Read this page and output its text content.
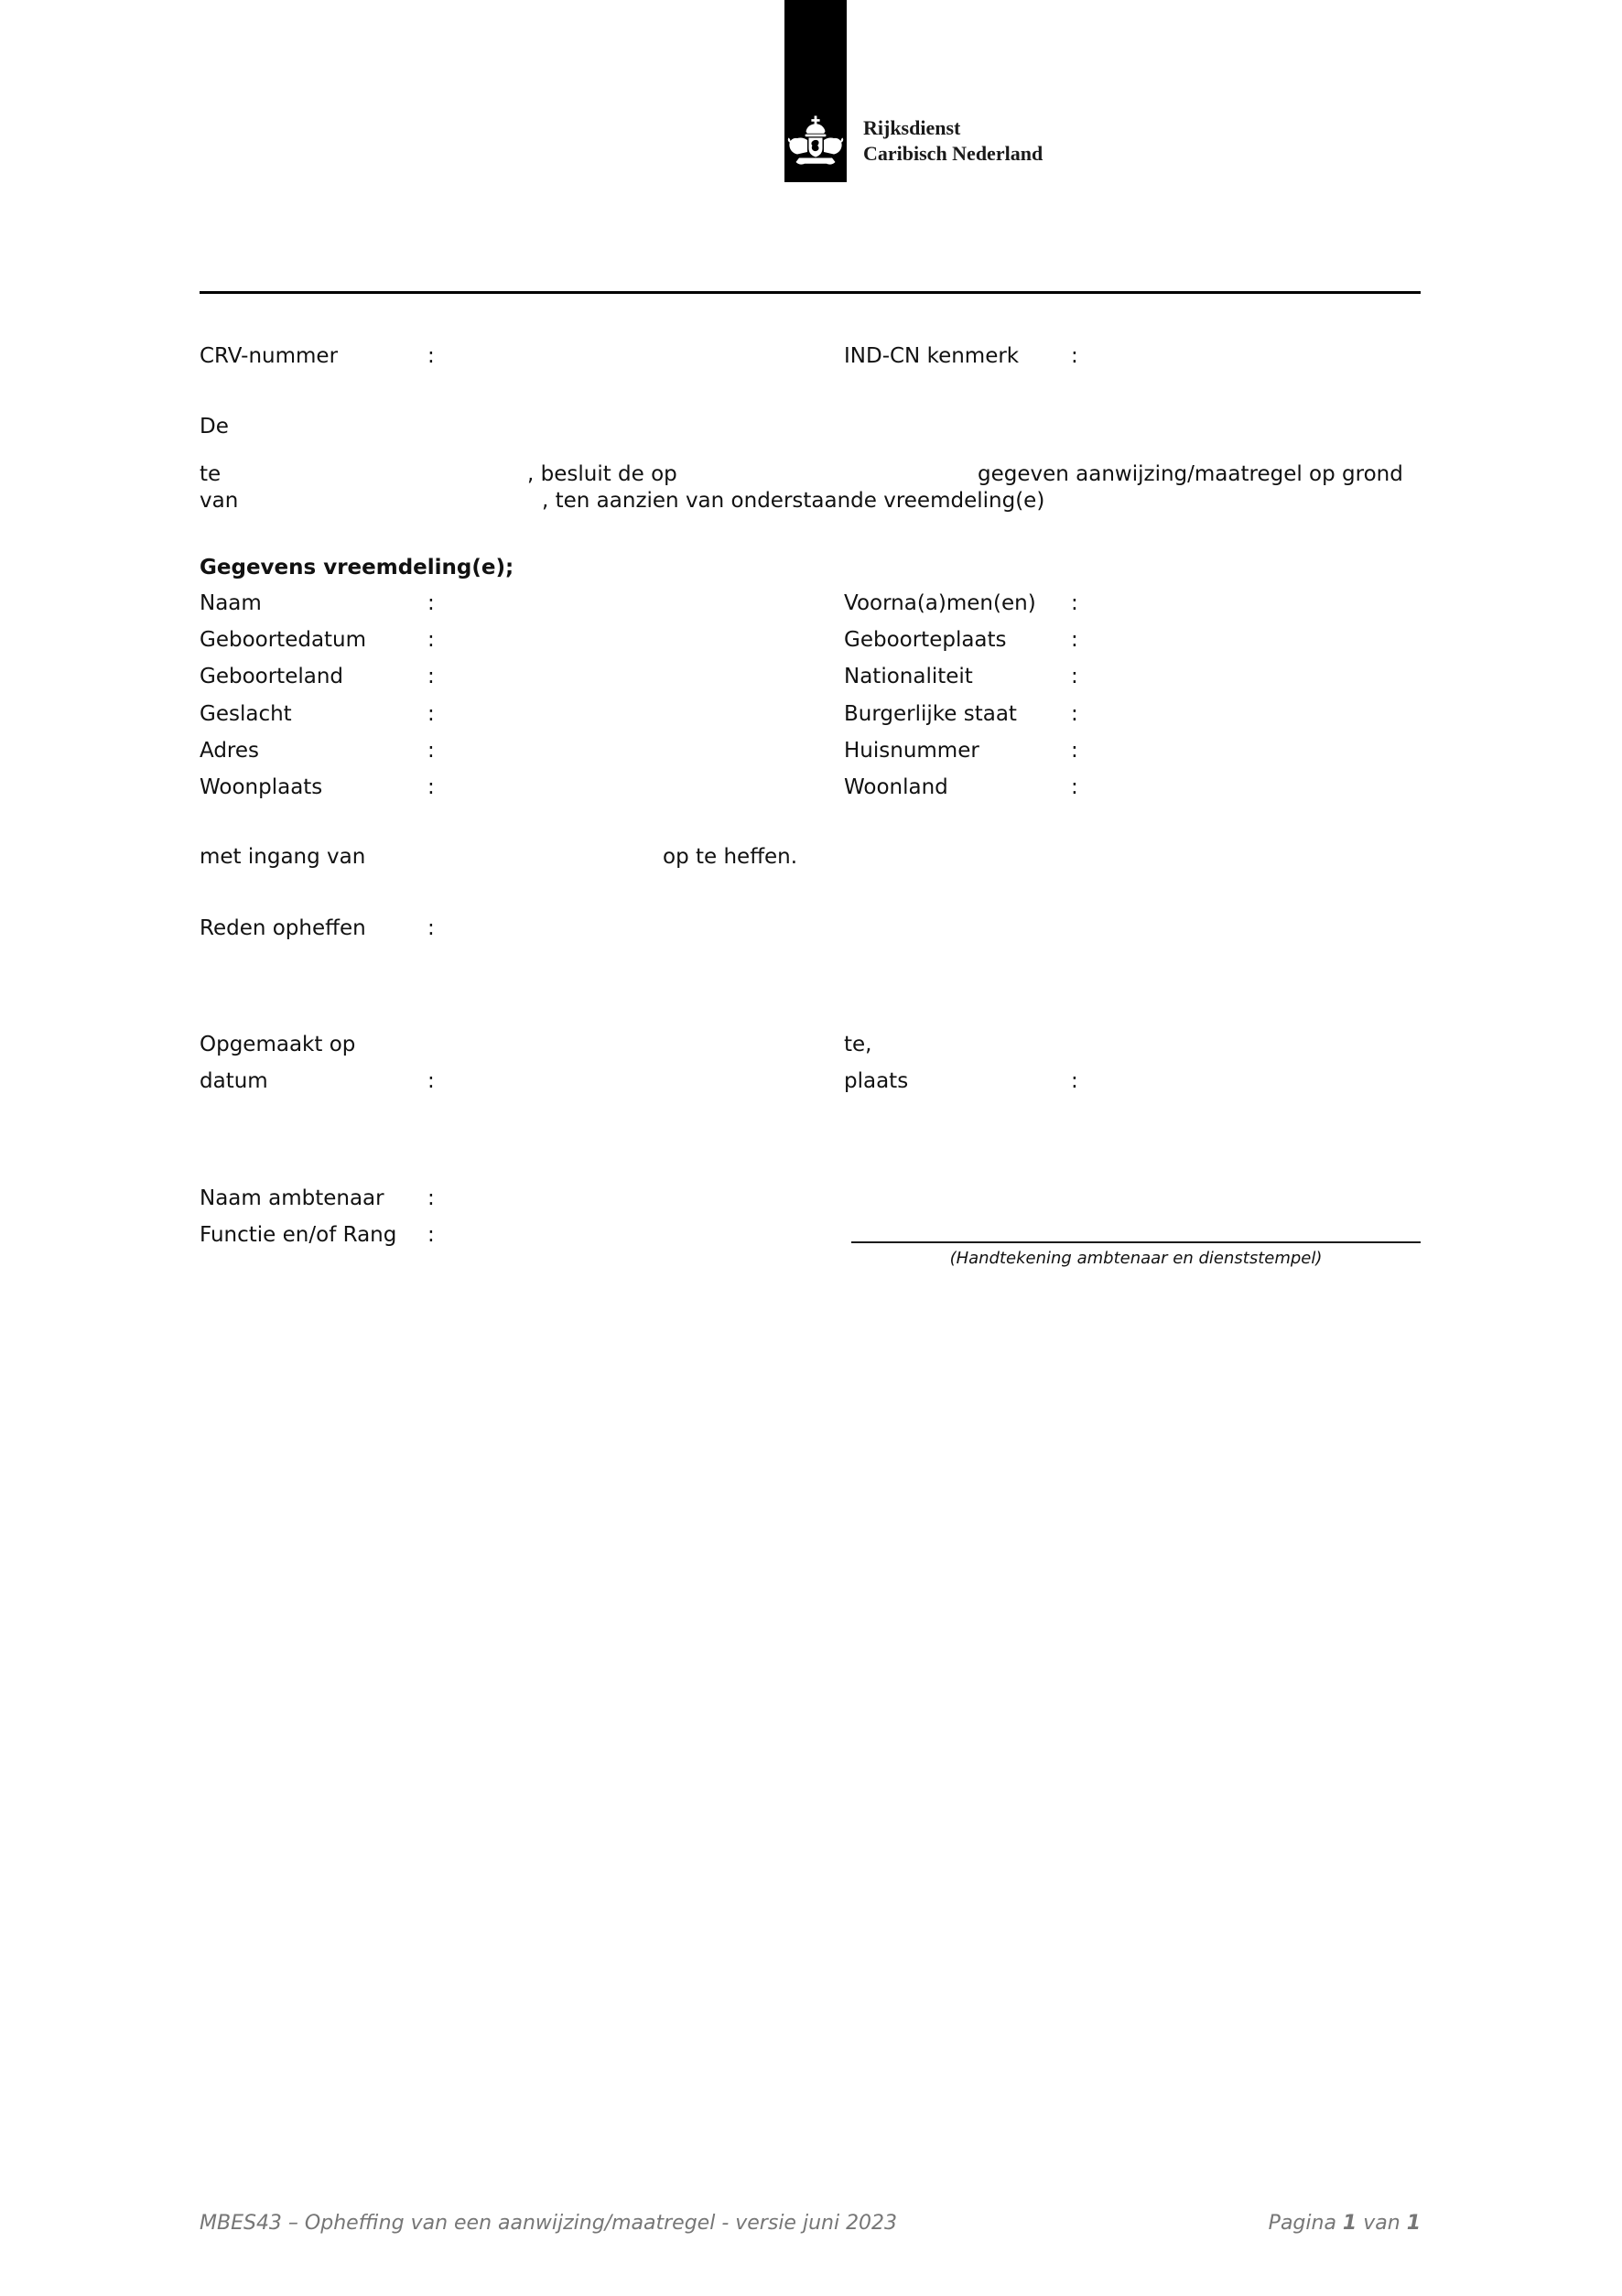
Rijksdienst
Caribisch Nederland
CRV-nummer	:	IND-CN kenmerk :
De
te	, besluit de op	gegeven aanwijzing/maatregel op grond
van	, ten aanzien van onderstaande vreemdeling(e)
Gegevens vreemdeling(e);
Naam	:	Voorna(a)men(en) :
Geboortedatum	:	Geboorteplaats	:
Geboorteland	:	Nationaliteit	:
Geslacht	:	Burgerlijke staat	:
Adres	:	Huisnummer	:
Woonplaats	:	Woonland	:
met ingang van	op te heffen.
Reden opheffen	:
Opgemaakt op	te,
datum	:	plaats	:
Naam ambtenaar :
Functie en/of Rang :
(Handtekening ambtenaar en dienststempel)
MBES43 – Opheffing van een aanwijzing/maatregel - versie juni 2023	Pagina 1 van 1
